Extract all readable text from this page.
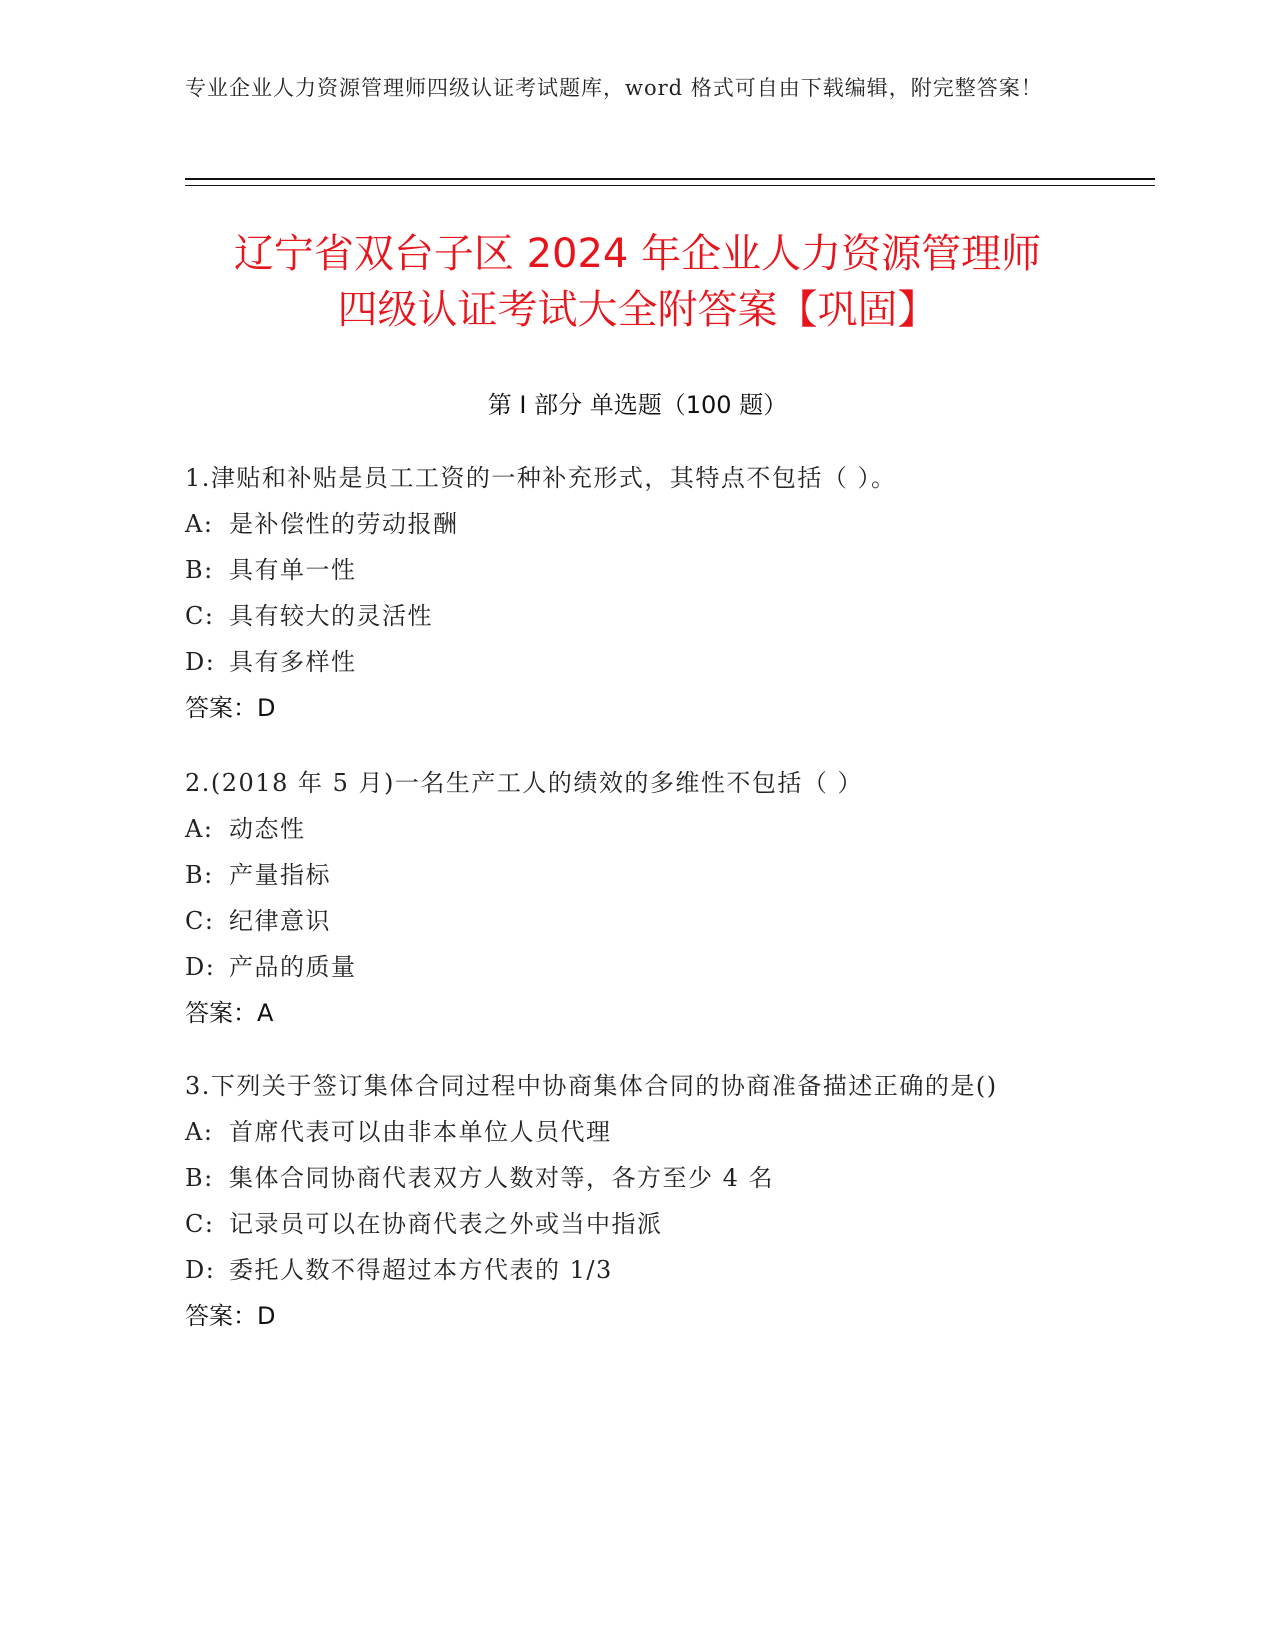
专业企业人力资源管理师四级认证考试题库，word 格式可自由下载编辑，附完整答案！
辽宁省双台子区 2024 年企业人力资源管理师
四级认证考试大全附答案【巩固】
第 I 部分 单选题（100 题）

1.津贴和补贴是员工工资的一种补充形式，其特点不包括（ ）。

A: 是补偿性的劳动报酬

B: 具有单一性

C: 具有较大的灵活性

D: 具有多样性

答案：D

2.(2018 年 5 月)一名生产工人的绩效的多维性不包括（ ）

A: 动态性

B: 产量指标

C: 纪律意识

D: 产品的质量

答案：A

3.下列关于签订集体合同过程中协商集体合同的协商准备描述正确的是()

A: 首席代表可以由非本单位人员代理

B: 集体合同协商代表双方人数对等，各方至少 4 名

C: 记录员可以在协商代表之外或当中指派

D: 委托人数不得超过本方代表的 1/3

答案：D
